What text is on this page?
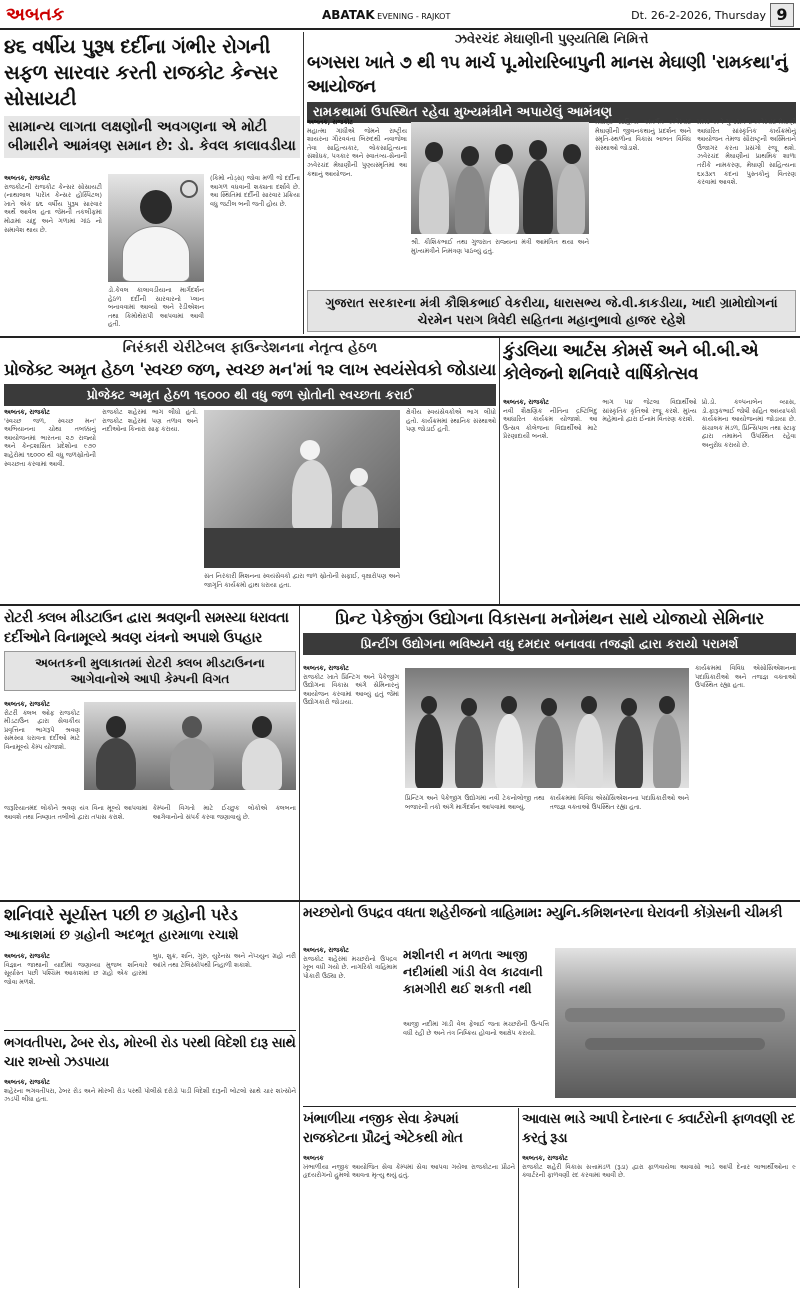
અબતક	ABATAK EVENING - RAJKOT	Dt. 26-2-2026, Thursday 9
૪૬ વર્ષીય પુરૂષ દર્દીના ગંભીર રોગની સફળ સારવાર કરતી રાજકોટ કેન્સર સોસાયટી
સામાન્ય લાગતા લક્ષણોની અવગણના એ મોટી બીમારીને આમંત્રણ સમાન છે: ડો. કેવલ કાલાવડીયા
અબતક, રાજકોટ
રાજકોટની રાજકોટ કેન્સર સોસાયટી (નાથાલાલ પારેખ કેન્સર હોસ્પિટલ) ખાતે એક ૪૬ વર્ષીય પુરૂષ સારવાર અર્થે આવેલ હતા જેમની તકલીફમાં મોઢામાં ચાંદુ અને ગળામાં ગાંઠ નો સમાવેશ થાય છે.
ડો.કેવલ કાલાવડીયાના માર્ગદર્શન હેઠળ દર્દીની સારવારનો પ્લાન બનાવવામાં આવ્યો અને રેડીએશન તથા કિમોથેરાપી આપવામાં આવી હતી.
(કિમો નોડ્સ) જોવા મળી જે દર્દીના આગળ વધવાની શક્યતા દર્શાવે છે. આ સ્થિતિમાં દર્દીની સારવાર પ્રક્રિયા વધુ જટીલ બની જતી હોય છે.
ઝવેરચંદ મેઘાણીની પુણ્યતિથિ નિમિત્તે
બગસરા ખાતે ૭ થી ૧૫ માર્ચ પૂ.મોરારિબાપુની માનસ મેઘાણી 'રામકથા'નું આયોજન
રામકથામાં ઉપસ્થિત રહેવા મુખ્યમંત્રીને અપાયેલું આમંત્રણ
અબતક, રાજકોટ
મહાત્મા ગાંધીએ જેમને રાષ્ટ્રીય શાયરના ગૌરવવંતા બિરુદથી નવાજેલા તેવા સાહિત્યકાર, લોકસાહિત્યના સંશોધક, પત્રકાર અને સ્વાતંત્ર્ય-સેનાની ઝવેરચંદ મેઘાણીની પુણ્યસ્મૃતિમાં આ કથાનું આયોજન.
શ્રી. કૌશિકભાઈ તથા ગુજરાત રાજ્યના મંત્રી આમંત્રિત થયા અને મુખ્યમંત્રીને નિમંત્રણ પાઠવ્યું હતું.
મેઘાણી સાહિત્ય અંતર્ગત ઝવેરચંદ મેઘાણીની જીવનકથાનું પ્રદર્શન અને સ્મૃતિ-સ્થળોના વિકાસ બાબત વિવિધ સંસ્થાઓ જોડાશે.
પ્રખર અને ગુજરાતના ઝવેરચંદ મેઘાણી આધારિત સાંસ્કૃતિક કાર્યક્રમોનું આયોજન તેમજ સૌરાષ્ટ્રની અસ્મિતાને ઉજાગર કરતા પ્રસંગો રજૂ થશે. ઝવેરચંદ મેઘાણીનાં પ્રાથમિક શાળા તરીકે નામકરણ, મેઘાણી સાહિત્યના ૬x૩x૧ કદનાં પુસ્તકોનું વિતરણ કરવામાં આવશે.
ગુજરાત સરકારના મંત્રી કૌશિકભાઈ વેકરીયા, ધારાસભ્ય જે.વી.કાકડીયા, ખાદી ગ્રામોદ્યોગનાં ચેરમેન પરાગ ત્રિવેદી સહિતના મહાનુભાવો હાજર રહેશે
નિરંકારી ચેરીટેબલ ફાઉન્ડેશનના નેતૃત્વ હેઠળ
પ્રોજેક્ટ અમૃત હેઠળ 'સ્વચ્છ જળ, સ્વચ્છ મન'માં ૧૨ લાખ સ્વયંસેવકો જોડાયા
પ્રોજેક્ટ અમૃત હેઠળ ૧૬૦૦૦ થી વધુ જળ સ્રોતોની સ્વચ્છતા કરાઈ
અબતક, રાજકોટ
'સ્વચ્છ જળ, સ્વચ્છ મન' અભિયાનના ચોથા તબક્કાનું આયોજનમાં ભારતના ૨૭ રાજ્યો અને કેન્દ્રશાસિત પ્રદેશોના ૯૭૦ શહેરોમાં ૧૬૦૦૦ થી વધુ જળસ્રોતોની સ્વચ્છતા કરવામાં આવી.
રાજકોટ શહેરમાં ભાગ લીધો હતો. રાજકોટ શહેરમાં પણ તળાવ અને નદીઓના કિનારા સાફ કરાયા.
સંત નિરંકારી મિશનના સ્વયંસેવકો દ્વારા જળ સ્રોતોની સફાઈ, વૃક્ષારોપણ અને જાગૃતિ કાર્યક્રમો હાથ ધરાયા હતા.
ક્ષેત્રીય સ્વયંસેવકોએ ભાગ લીધો હતો. કાર્યક્રમમાં સ્થાનિક સંસ્થાઓ પણ જોડાઈ હતી.
કુંડલિયા આર્ટસ કોમર્સ અને બી.બી.એ કોલેજનો શનિવારે વાર્ષિકોત્સવ
અબતક, રાજકોટ
નવી શૈક્ષણિક નીતિના દ્રષ્ટિબિંદુ આધારિત કાર્યક્રમ યોજાશે. આ ઉત્સવ કોલેજના વિદ્યાર્થીઓ માટે પ્રેરણાદાયી બનશે.
ભાગ ૫૪ જેટલા વિદ્યાર્થીઓ સાંસ્કૃતિક કૃતિઓ રજૂ કરશે. મુખ્ય મહેમાનો દ્વારા ઈનામ વિતરણ કરાશે.
પ્રો.ડો. કલ્પનાબેન વ્યાસ, ડો.ફારૂકભાઈ જોષી સહિત અધ્યાપકો કાર્યક્રમના આયોજનમાં જોડાયા છે. સંચાલક મંડળ, પ્રિન્સિપાલ તથા સ્ટાફ દ્વારા તમામને ઉપસ્થિત રહેવા અનુરોધ કરાયો છે.
રોટરી ક્લબ મીડટાઉન દ્વારા શ્રવણની સમસ્યા ધરાવતા દર્દીઓને વિનામૂલ્યે શ્રવણ યંત્રનો અપાશે ઉપહાર
અબતકની મુલાકાતમાં રોટરી ક્લબ મીડટાઉનના આગેવાનોએ આપી કેમ્પની વિગત
અબતક, રાજકોટ
રોટરી ક્લબ ઓફ રાજકોટ મીડટાઉન દ્વારા સેવાકીય પ્રવૃત્તિના ભાગરૂપે શ્રવણ સમસ્યા ધરાવતા દર્દીઓ માટે વિનામૂલ્યે કેમ્પ યોજાશે.
જરૂરિયાતમંદ લોકોને શ્રવણ યંત્ર વિના મૂલ્યે આપવામાં આવશે તથા નિષ્ણાત તબીબો દ્વારા તપાસ કરાશે.
કેમ્પની વિગતો માટે ઈચ્છુક લોકોએ ક્લબના આગેવાનોનો સંપર્ક કરવા જણાવાયું છે.
પ્રિન્ટ પેકેજીંગ ઉદ્યોગના વિકાસના મનોમંથન સાથે યોજાયો સેમિનાર
પ્રિન્ટીંગ ઉદ્યોગના ભવિષ્યને વધુ દમદાર બનાવવા તજજ્ઞો દ્વારા કરાયો પરામર્શ
અબતક, રાજકોટ
રાજકોટ ખાતે પ્રિન્ટિંગ અને પેકેજીંગ ઉદ્યોગના વિકાસ અંગે સેમિનારનું આયોજન કરવામાં આવ્યું હતું જેમાં ઉદ્યોગકારો જોડાયા.
પ્રિન્ટિંગ અને પેકેજીંગ ઉદ્યોગમાં નવી ટેકનોલોજી તથા બજારની તકો અંગે માર્ગદર્શન આપવામાં આવ્યું.
કાર્યક્રમમાં વિવિધ એસોસિએશનના પદાધિકારીઓ અને તજજ્ઞ વક્તાઓ ઉપસ્થિત રહ્યા હતા.
કાર્યક્રમમાં વિવિધ એસોસિએશનના પદાધિકારીઓ અને તજજ્ઞ વક્તાઓ ઉપસ્થિત રહ્યા હતા.
શનિવારે સૂર્યાસ્ત પછી છ ગ્રહોની પરેડ
આકાશમાં છ ગ્રહોની અદભૂત હારમાળા રચાશે
અબતક, રાજકોટ
વિજ્ઞાન જાથાની યાદીમાં જણાવ્યા મુજબ શનિવારે સૂર્યાસ્ત પછી પશ્ચિમ આકાશમાં છ ગ્રહો એક હારમાં જોવા મળશે.
બુધ, શુક્ર, શનિ, ગુરુ, યુરેનસ અને નેપ્ચ્યુન ગ્રહો નરી આંખે તથા ટેલિસ્કોપથી નિહાળી શકાશે.
ભગવતીપરા, ઢેબર રોડ, મોરબી રોડ પરથી વિદેશી દારૂ સાથે ચાર શખ્સો ઝડપાયા
અબતક, રાજકોટ
શહેરના ભગવતીપરા, ઢેબર રોડ અને મોરબી રોડ પરથી પોલીસે દરોડો પાડી વિદેશી દારૂની બોટલો સાથે ચાર શખ્સોને ઝડપી લીધા હતા.
મચ્છરોનો ઉપદ્રવ વધતા શહેરીજનો ત્રાહિમામ: મ્યુનિ.કમિશનરના ઘેરાવની કોંગ્રેસની ચીમકી
મશીનરી ન મળતા આજી નદીમાંથી ગાંડી વેલ કાઢવાની કામગીરી થઈ શકતી નથી
અબતક, રાજકોટ
રાજકોટ શહેરમાં મચ્છરોનો ઉપદ્રવ ખૂબ વધી ગયો છે. નાગરિકો ત્રાહિમામ પોકારી ઉઠ્યા છે.
આજી નદીમાં ગાંડી વેલ ફેલાઈ જતા મચ્છરોની ઉત્પત્તિ વધી રહી છે અને તંત્ર નિષ્ક્રિય હોવાનો આક્ષેપ કરાયો.
ખંભાળીયા નજીક સેવા કેમ્પમાં રાજકોટના પ્રૌઢનું એટેકથી મોત
અબતક
ખંભાળીયા નજીક આયોજિત સેવા કેમ્પમાં સેવા આપવા ગયેલા રાજકોટના પ્રૌઢને હૃદયરોગનો હુમલો આવતા મૃત્યુ થયું હતું.
આવાસ ભાડે આપી દેનારના ૯ ક્વાર્ટરોની ફાળવણી રદ કરતું રૂડા
અબતક, રાજકોટ
રાજકોટ શહેરી વિકાસ સત્તામંડળ (રૂડા) દ્વારા ફાળવાયેલા આવાસો ભાડે આપી દેનાર લાભાર્થીઓના ૯ ક્વાર્ટરની ફાળવણી રદ કરવામાં આવી છે.
